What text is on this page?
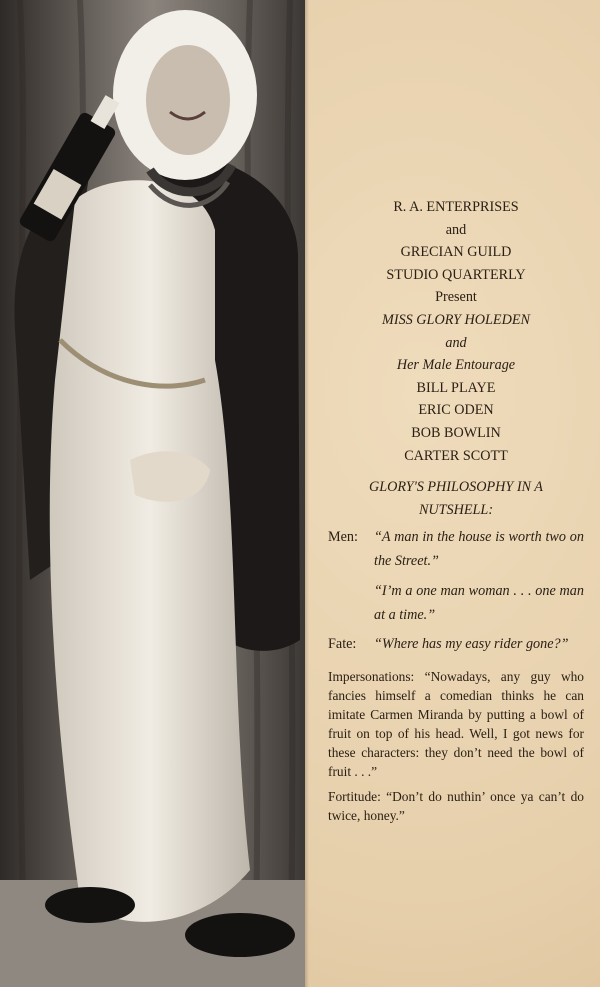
R. A. ENTERPRISES
and
GRECIAN GUILD
STUDIO QUARTERLY
Present
MISS GLORY HOLEDEN
and
Her Male Entourage
BILL PLAYE
ERIC ODEN
BOB BOWLIN
CARTER SCOTT
GLORY'S PHILOSOPHY IN A
NUTSHELL:
Men:	“A man in the house is worth two on the Street.”
“I’m a one man woman . . . one man at a time.”
Fate:	“Where has my easy rider gone?”
Impersonations: “Nowadays, any guy who fancies himself a comedian thinks he can imitate Carmen Miranda by putting a bowl of fruit on top of his head. Well, I got news for these characters: they don’t need the bowl of fruit . . .”
Fortitude: “Don’t do nuthin’ once ya can’t do twice, honey.”
